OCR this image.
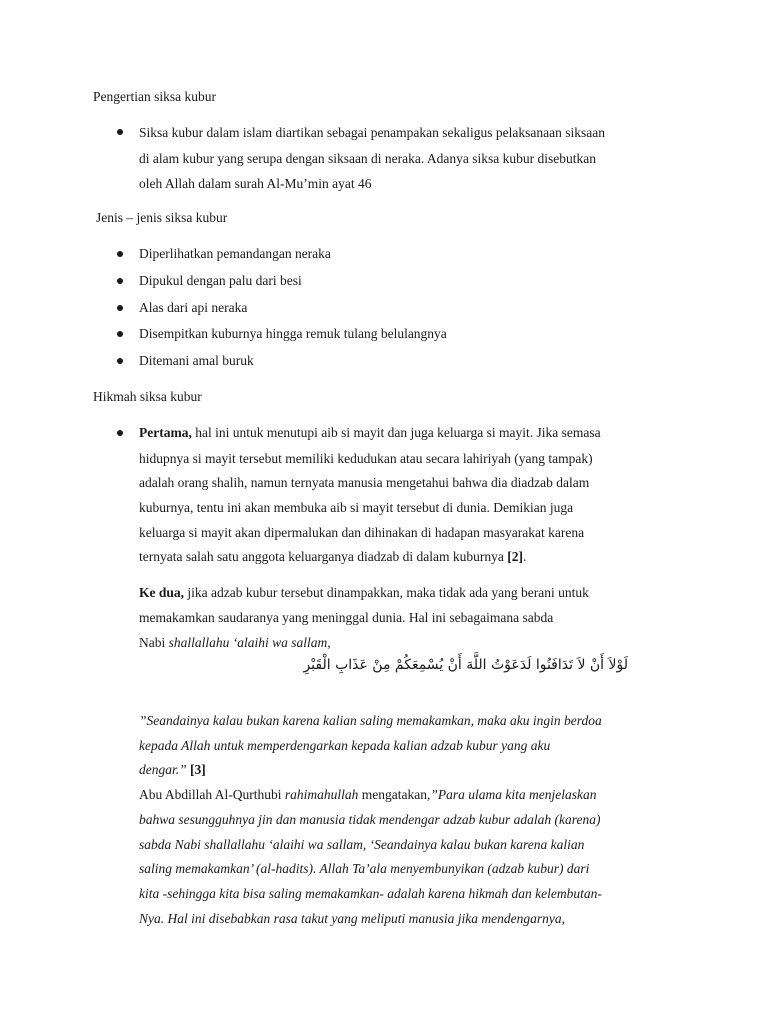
Pengertian siksa kubur
Siksa kubur dalam islam diartikan sebagai penampakan sekaligus pelaksanaan siksaan
di alam kubur yang serupa dengan siksaan di neraka. Adanya siksa kubur disebutkan
oleh Allah dalam surah Al-Mu’min ayat 46
Jenis – jenis siksa kubur
Diperlihatkan pemandangan neraka
Dipukul dengan palu dari besi
Alas dari api neraka
Disempitkan kuburnya hingga remuk tulang belulangnya
Ditemani amal buruk
Hikmah siksa kubur
Pertama, hal ini untuk menutupi aib si mayit dan juga keluarga si mayit. Jika semasa
hidupnya si mayit tersebut memiliki kedudukan atau secara lahiriyah (yang tampak)
adalah orang shalih, namun ternyata manusia mengetahui bahwa dia diadzab dalam
kuburnya, tentu ini akan membuka aib si mayit tersebut di dunia. Demikian juga
keluarga si mayit akan dipermalukan dan dihinakan di hadapan masyarakat karena
ternyata salah satu anggota keluarganya diadzab di dalam kuburnya [2].
Ke dua, jika adzab kubur tersebut dinampakkan, maka tidak ada yang berani untuk
memakamkan saudaranya yang meninggal dunia. Hal ini sebagaimana sabda
Nabi shallallahu ‘alaihi wa sallam,
لَوْلاَ أَنْ لاَ تَدَافَنُوا لَدَعَوْتُ اللَّهَ أَنْ يُسْمِعَكُمْ مِنْ عَذَابِ الْقَبْرِ
”Seandainya kalau bukan karena kalian saling memakamkan, maka aku ingin berdoa
kepada Allah untuk memperdengarkan kepada kalian adzab kubur yang aku
dengar.” [3]
Abu Abdillah Al-Qurthubi rahimahullah mengatakan,”Para ulama kita menjelaskan
bahwa sesungguhnya jin dan manusia tidak mendengar adzab kubur adalah (karena)
sabda Nabi shallallahu ‘alaihi wa sallam, ‘Seandainya kalau bukan karena kalian
saling memakamkan’ (al-hadits). Allah Ta’ala menyembunyikan (adzab kubur) dari
kita -sehingga kita bisa saling memakamkan- adalah karena hikmah dan kelembutan-
Nya. Hal ini disebabkan rasa takut yang meliputi manusia jika mendengarnya,
